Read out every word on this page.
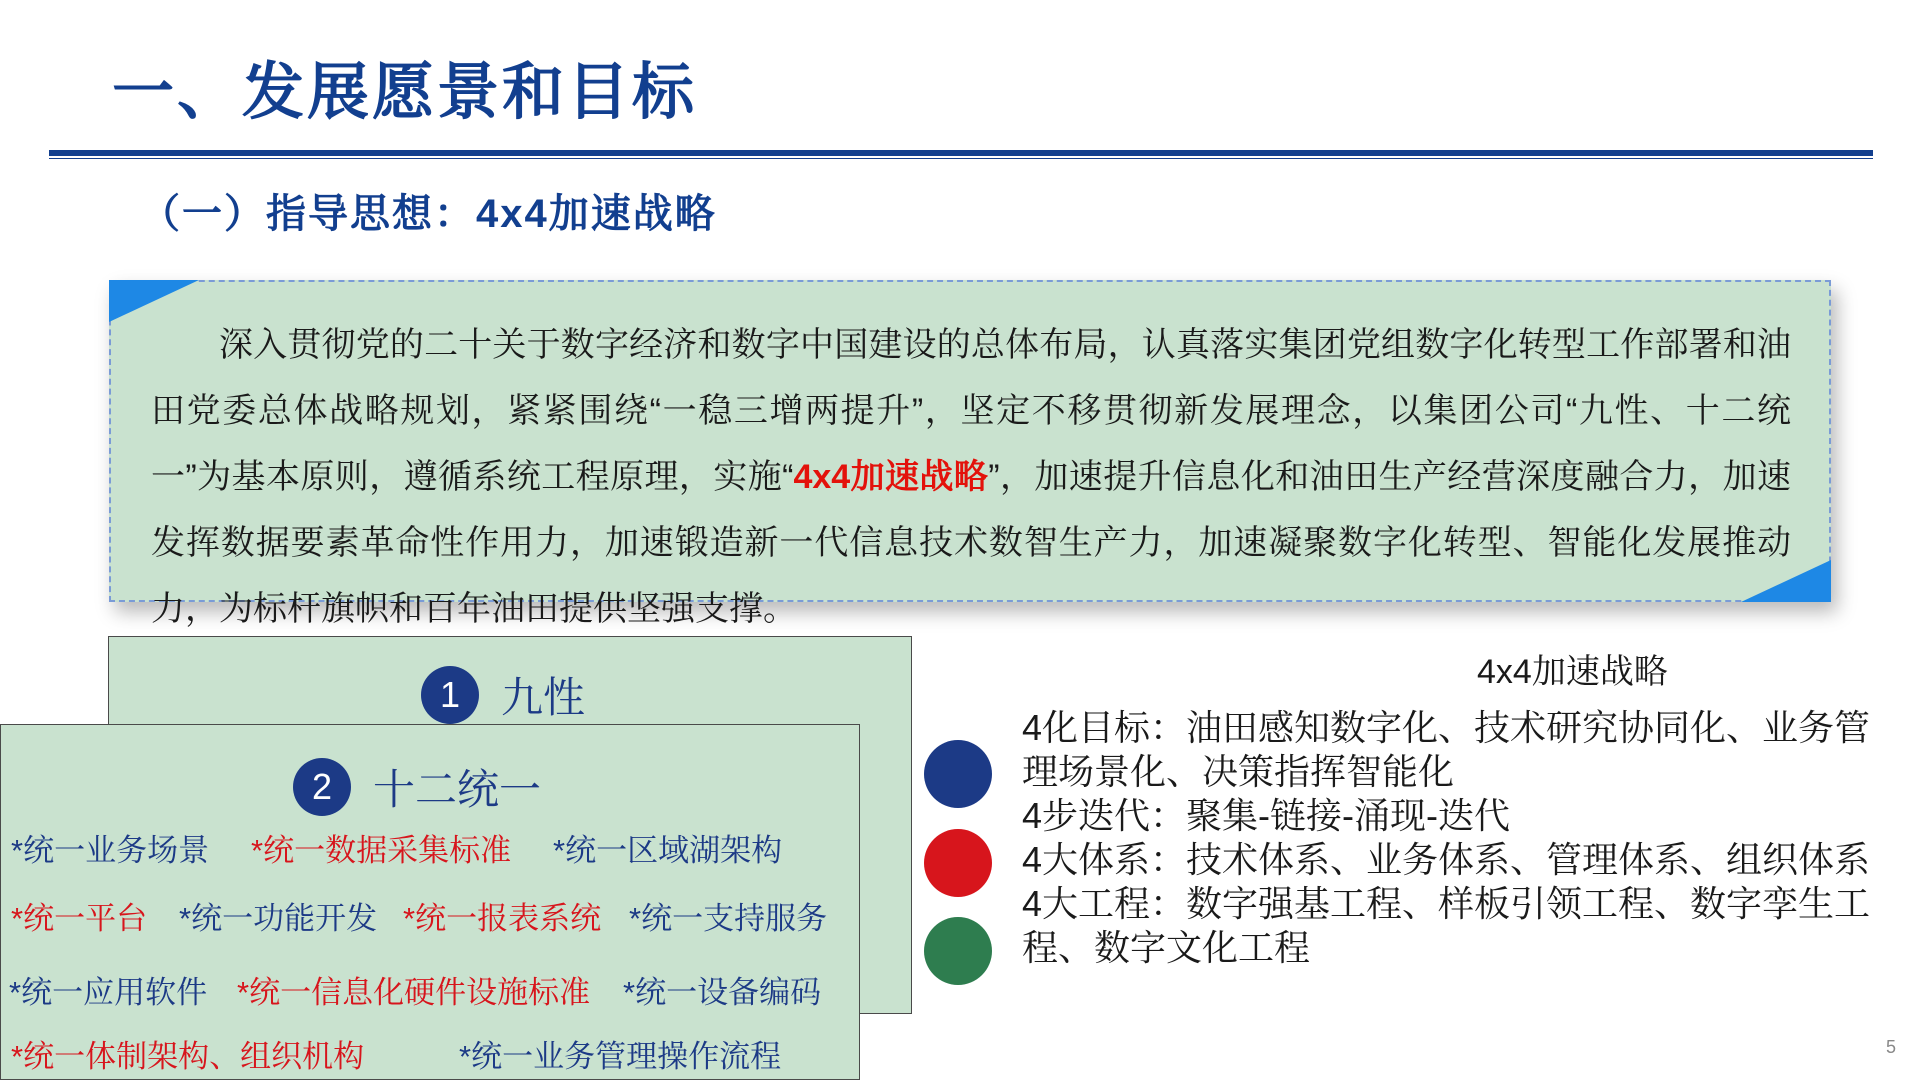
一、发展愿景和目标
（一）指导思想：4x4加速战略
深入贯彻党的二十关于数字经济和数字中国建设的总体布局，认真落实集团党组数字化转型工作部署和油田党委总体战略规划，紧紧围绕“一稳三增两提升”，坚定不移贯彻新发展理念，以集团公司“九性、十二统一”为基本原则，遵循系统工程原理，实施“4x4加速战略”，加速提升信息化和油田生产经营深度融合力，加速发挥数据要素革命性作用力，加速锻造新一代信息技术数智生产力，加速凝聚数字化转型、智能化发展推动力，为标杆旗帜和百年油田提供坚强支撑。
1 九性
2 十二统一
*统一业务场景 *统一数据采集标准 *统一区域湖架构
*统一平台 *统一功能开发 *统一报表系统 *统一支持服务
*统一应用软件 *统一信息化硬件设施标准 *统一设备编码
*统一体制架构、组织机构	*统一业务管理操作流程
4x4加速战略
4化目标：油田感知数字化、技术研究协同化、业务管理场景化、决策指挥智能化
4步迭代：聚集-链接-涌现-迭代
4大体系：技术体系、业务体系、管理体系、组织体系
4大工程：数字强基工程、样板引领工程、数字孪生工程、数字文化工程
5
